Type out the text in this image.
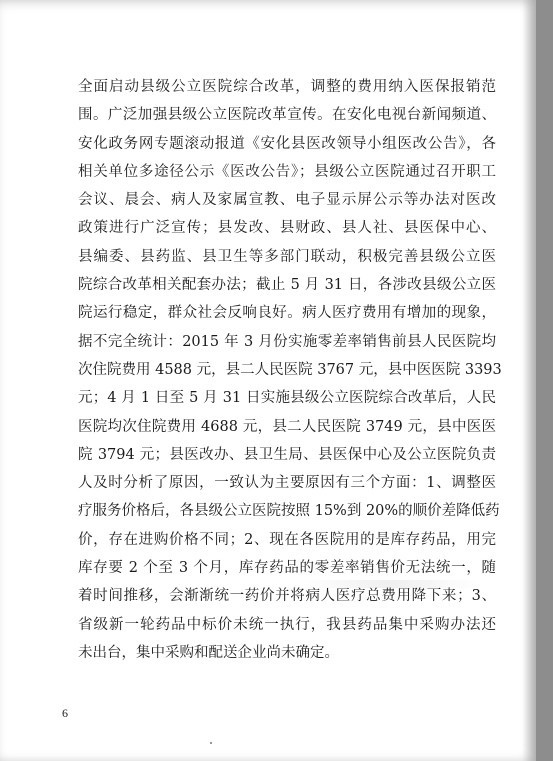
全面启动县级公立医院综合改革，调整的费用纳入医保报销范
围。广泛加强县级公立医院改革宣传。在安化电视台新闻频道、
安化政务网专题滚动报道《安化县医改领导小组医改公告》，各
相关单位多途径公示《医改公告》；县级公立医院通过召开职工
会议、晨会、病人及家属宣教、电子显示屏公示等办法对医改
政策进行广泛宣传；县发改、县财政、县人社、县医保中心、
县编委、县药监、县卫生等多部门联动，积极完善县级公立医
院综合改革相关配套办法；截止 5 月 31 日，各涉改县级公立医
院运行稳定，群众社会反响良好。病人医疗费用有增加的现象，
据不完全统计：2015 年 3 月份实施零差率销售前县人民医院均
次住院费用 4588 元，县二人民医院 3767 元，县中医医院 3393
元；4 月 1 日至 5 月 31 日实施县级公立医院综合改革后，人民
医院均次住院费用 4688 元，县二人民医院 3749 元，县中医医
院 3794 元；县医改办、县卫生局、县医保中心及公立医院负责
人及时分析了原因，一致认为主要原因有三个方面：1、调整医
疗服务价格后，各县级公立医院按照 15%到 20%的顺价差降低药
价，存在进购价格不同；2、现在各医院用的是库存药品，用完
库存要 2 个至 3 个月，库存药品的零差率销售价无法统一，随
着时间推移，会渐渐统一药价并将病人医疗总费用降下来；3、
省级新一轮药品中标价未统一执行，我县药品集中采购办法还
未出台，集中采购和配送企业尚未确定。
6
